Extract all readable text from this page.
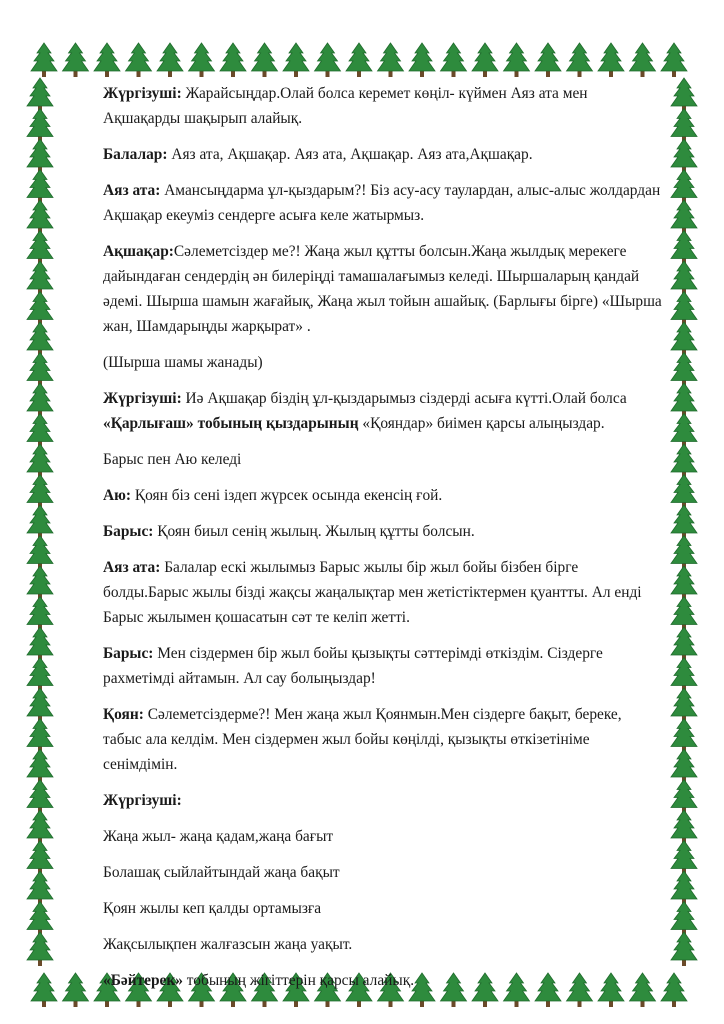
Жүргізуші: Жарайсыңдар.Олай болса керемет көңіл- күймен Аяз ата мен Ақшақарды шақырып алайық.

Балалар: Аяз ата, Ақшақар. Аяз ата, Ақшақар. Аяз ата,Ақшақар.

Аяз ата: Амансыңдарма ұл-қыздарым?! Біз асу-асу таулардан, алыс-алыс жолдардан Ақшақар екеуміз сендерге асыға келе жатырмыз.

Ақшақар:Сәлеметсіздер ме?! Жаңа жыл құтты болсын.Жаңа жылдық мерекеге дайындаған сендердің ән билеріңді тамашалағымыз келеді. Шыршаларың қандай әдемі. Шырша шамын жағайық, Жаңа жыл тойын ашайық. (Барлығы бірге) «Шырша жан, Шамдарыңды жарқырат» .

(Шырша шамы жанады)

Жүргізуші: Иә Ақшақар біздің ұл-қыздарымыз сіздерді асыға күтті.Олай болса «Қарлығаш» тобының қыздарының «Қояндар» биімен қарсы алыңыздар.

Барыс пен Аю келеді

Аю: Қоян біз сені іздеп жүрсек осында екенсің ғой.

Барыс: Қоян биыл сенің жылың. Жылың құтты болсын.

Аяз ата: Балалар ескі жылымыз Барыс жылы бір жыл бойы бізбен бірге болды.Барыс жылы бізді жақсы жаңалықтар мен жетістіктермен қуантты. Ал енді Барыс жылымен қошасатын сәт те келіп жетті.

Барыс: Мен сіздермен бір жыл бойы қызықты сәттерімді өткіздім. Сіздерге рахметімді айтамын. Ал сау болыңыздар!

Қоян: Сәлеметсіздерме?! Мен жаңа жыл Қоянмын.Мен сіздерге бақыт, береке, табыс ала келдім. Мен сіздермен жыл бойы көңілді, қызықты өткізетініме сенімдімін.

Жүргізуші:

Жаңа жыл- жаңа қадам,жаңа бағыт

Болашақ сыйлайтындай жаңа бақыт

Қоян жылы кеп қалды ортамызға

Жақсылықпен жалғазсын жаңа уақыт.

«Бәйтерек» тобының жігіттерін қарсы алайық.
